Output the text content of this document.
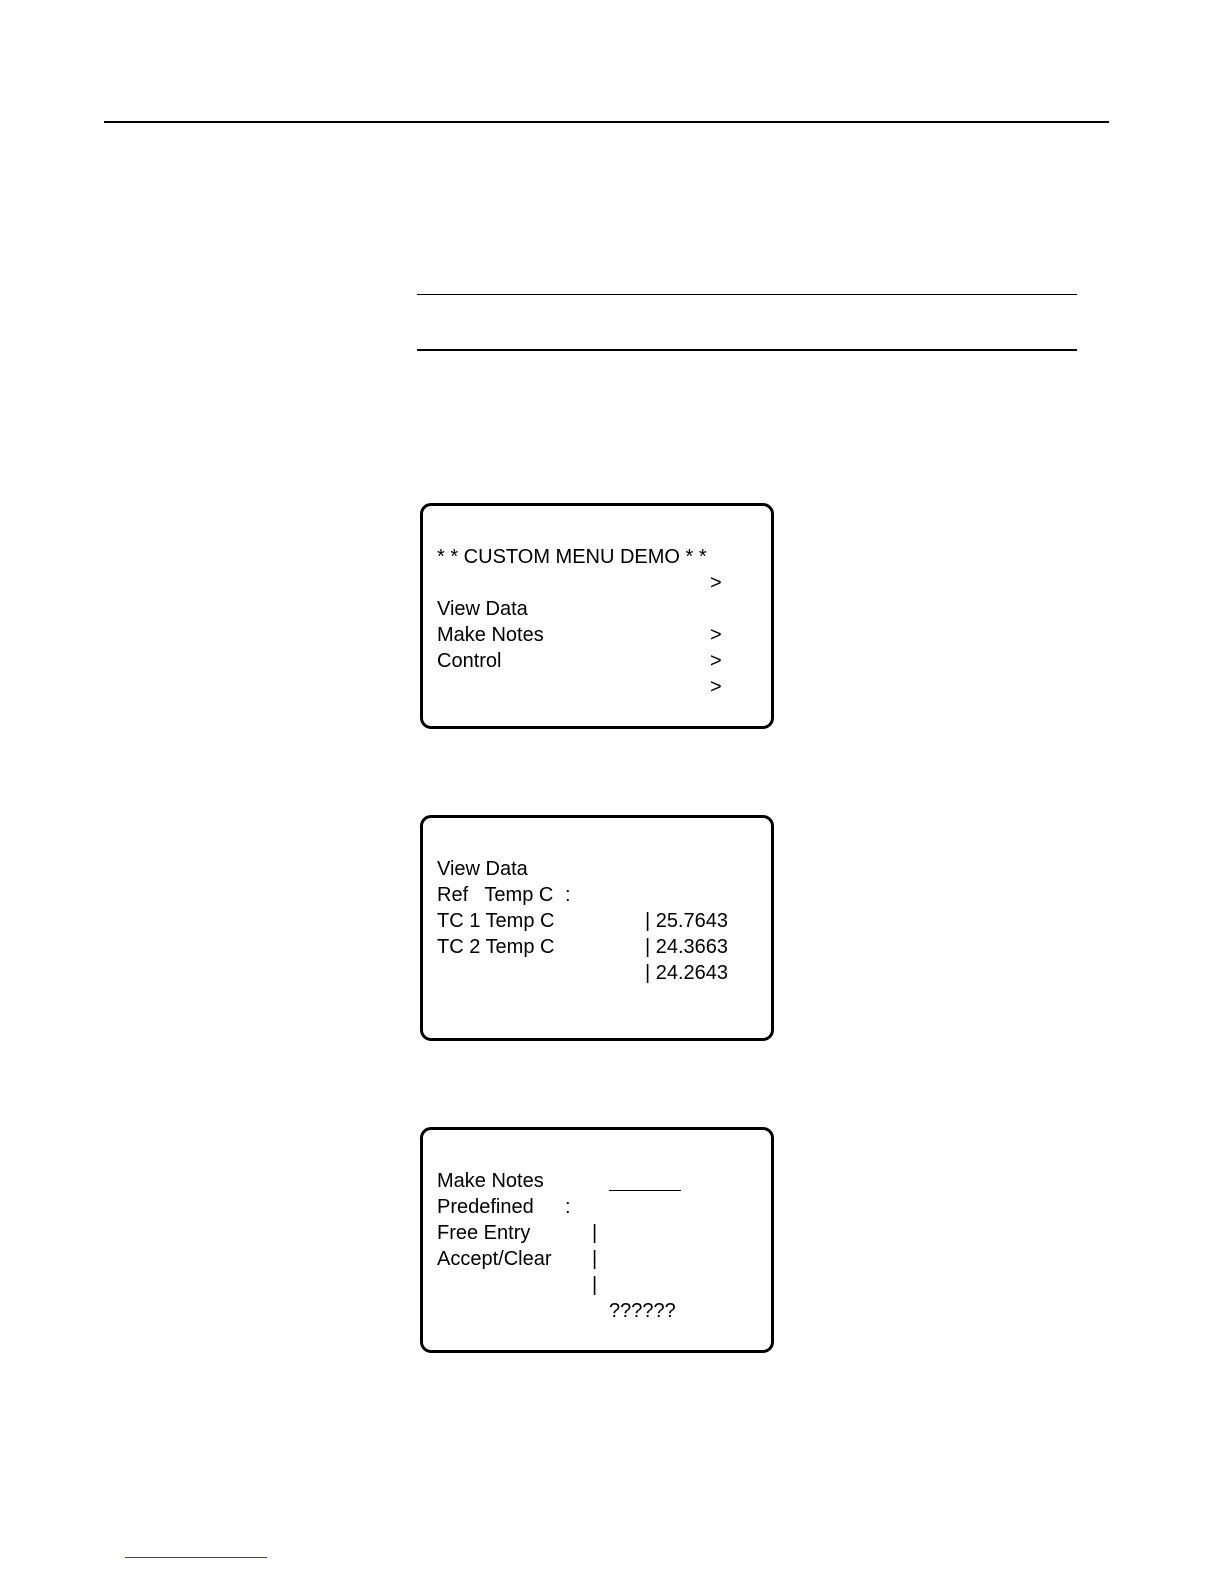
* * CUSTOM MENU DEMO * *

>

View Data

>

Make Notes

>

Control

>

View Data

:

Ref   Temp C

| 25.7643

TC 1 Temp C

| 24.3663

TC 2 Temp C

| 24.2643

Make Notes

:

Predefined

|

Free Entry

|

Accept/Clear

|

??????
